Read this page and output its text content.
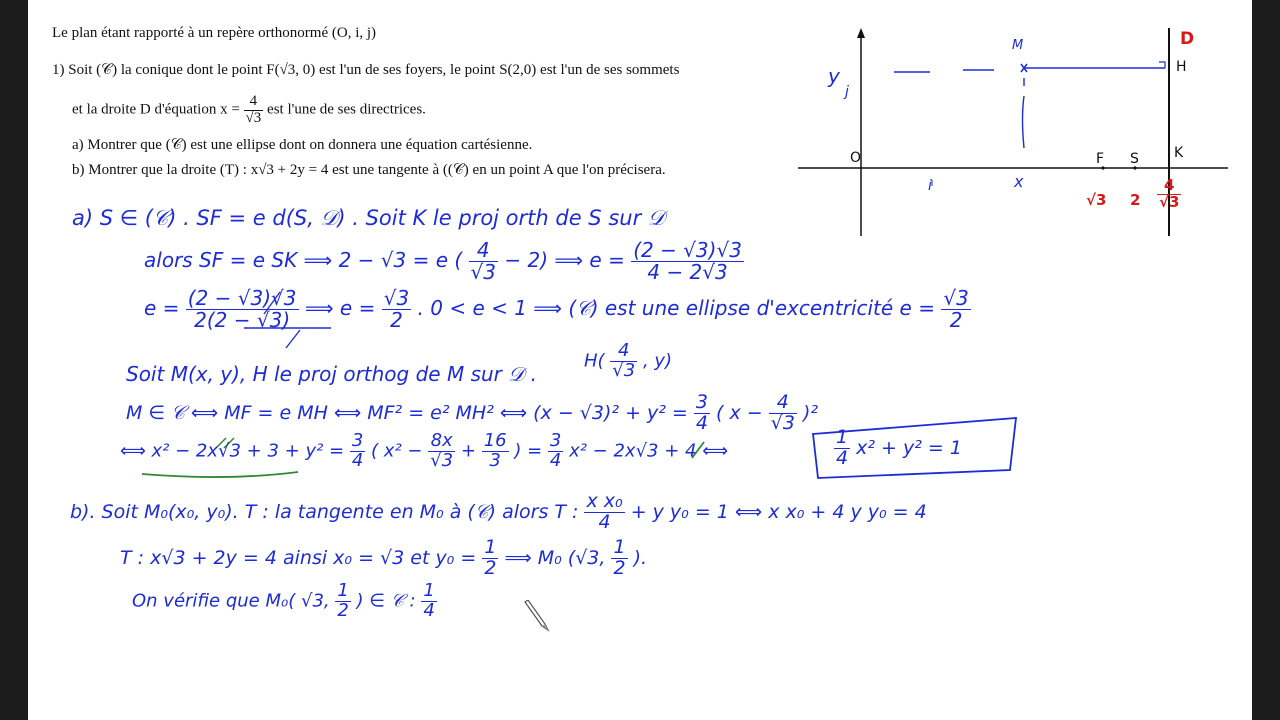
Le plan étant rapporté à un repère orthonormé (O, i, j)
1) Soit (𝒞) la conique dont le point F(√3, 0) est l'un de ses foyers, le point S(2,0) est l'un de ses sommets
et la droite D d'équation $x = \frac{4}{√3}$ est l'une de ses directrices.
a) Montrer que (𝒞) est une ellipse dont on donnera une équation cartésienne.
b) Montrer que la droite (T) : x√3 + 2y = 4 est une tangente à ((𝒞) en un point A que l'on précisera.
D
H
K
M
y
j
O
i	x
F S
√3 $2 \frac{4}{√3}$
a) S ∈ (𝒞) . SF = e d(S, 𝒟) . Soit K le proj orth de S sur 𝒟
alors SF = e SK ⟹ 2 − √3 = e ( $\frac{4}{√3} - 2$) ⟹ $e = \frac{(2 - √3)√3}{4 - 2√3}$
$e = \frac{(2 - √3)√3}{2(2 - √3)}$ ⟹ $e = \frac{√3}{2}$ . 0 < e < 1 ⟹ (𝒞) est une ellipse d'excentricité $e = \frac{√3}{2}$
Soit M(x, y), H le proj orthog de M sur 𝒟 .
$H( \frac{4}{√3}$ , y)
M ∈ 𝒞 ⟺ MF = e MH ⟺ MF² = e² MH² ⟺ $(x - √3)^2 + y^2 = \frac{3}{4}$ ( $x - \frac{4}{√3} )^2$
⟺ $x^2 - 2x√3 + 3 + y^2 = \frac{3}{4}$ ( $x^2 - \frac{8x}{√3} + \frac{16}{3}$ ) = $\frac{3}{4} x^2 - 2x√3 + 4$ ⟺	$\frac{1}{4} x^2 + y^2 = 1$
b). Soit M₀(x₀, y₀). T : la tangente en M₀ à (𝒞) alors T : $\frac{\text{x x₀}}{4} + y$ y₀ = 1 ⟺ x x₀ + 4 y y₀ = 4
T : x√3 + 2y = 4 ainsi x₀ = √3 et $y_0 = \frac{1}{2}$ ⟹ M₀ (√3, $\frac{1}{2}$ ).
On vérifie que M₀( √3, $\frac{1}{2}$ ) ∈ 𝒞 : $\frac{1}{4}$
